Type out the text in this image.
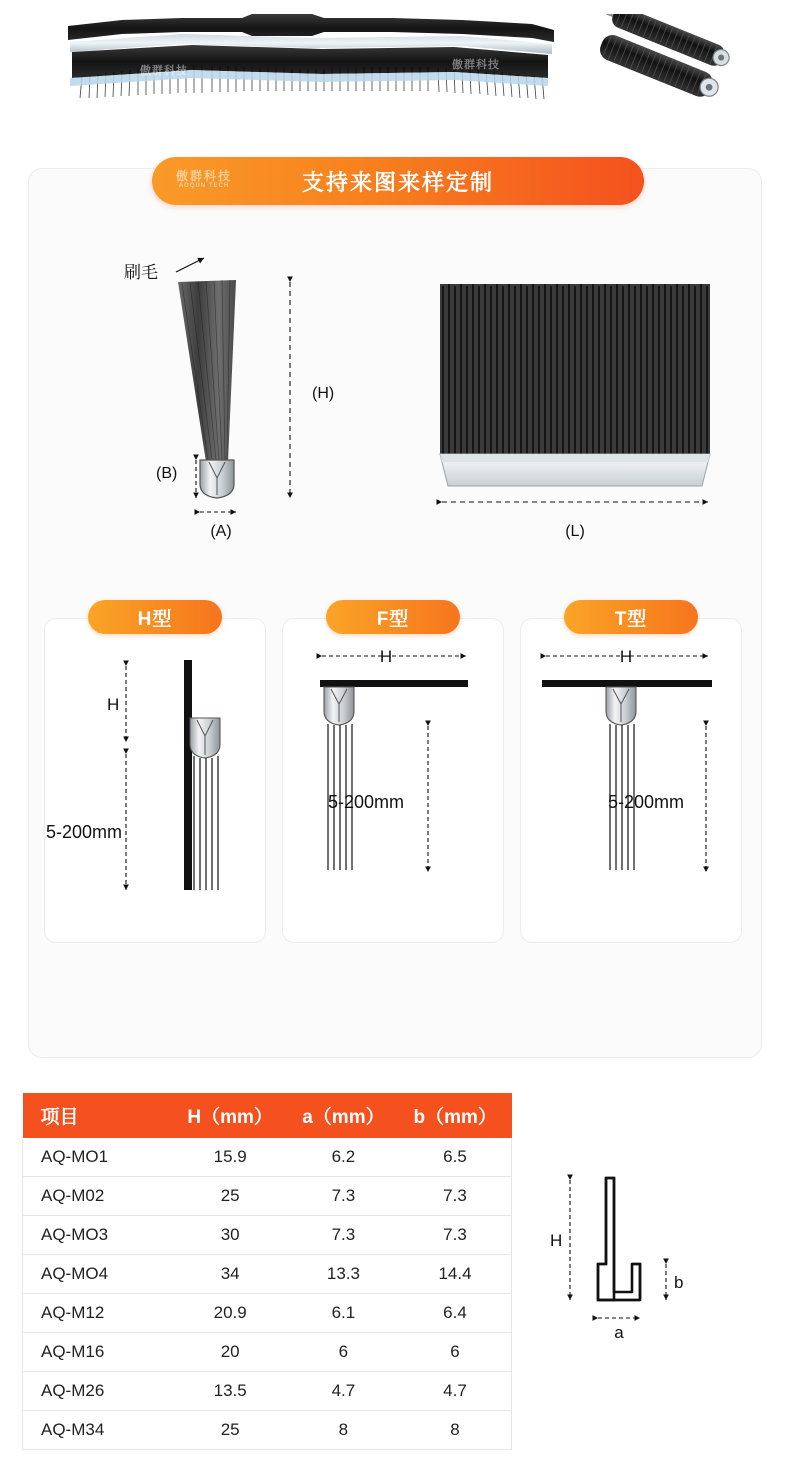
傲群科技	傲群科技
傲群科技
AOQUN TECH	支持来图来样定制
刷毛
(H)
(B)
(A)	(L)
H型	F型	T型
H
5-200mm
H
5-200mm
H
5-200mm
项目	H（mm）	a（mm）	b（mm）
AQ-MO1	15.9	6.2	6.5
AQ-M02	25	7.3	7.3
AQ-MO3	30	7.3	7.3
AQ-MO4	34	13.3	14.4
AQ-M12	20.9	6.1	6.4
AQ-M16	20	6	6
AQ-M26	13.5	4.7	4.7
AQ-M34	25	8	8
H
b
a
